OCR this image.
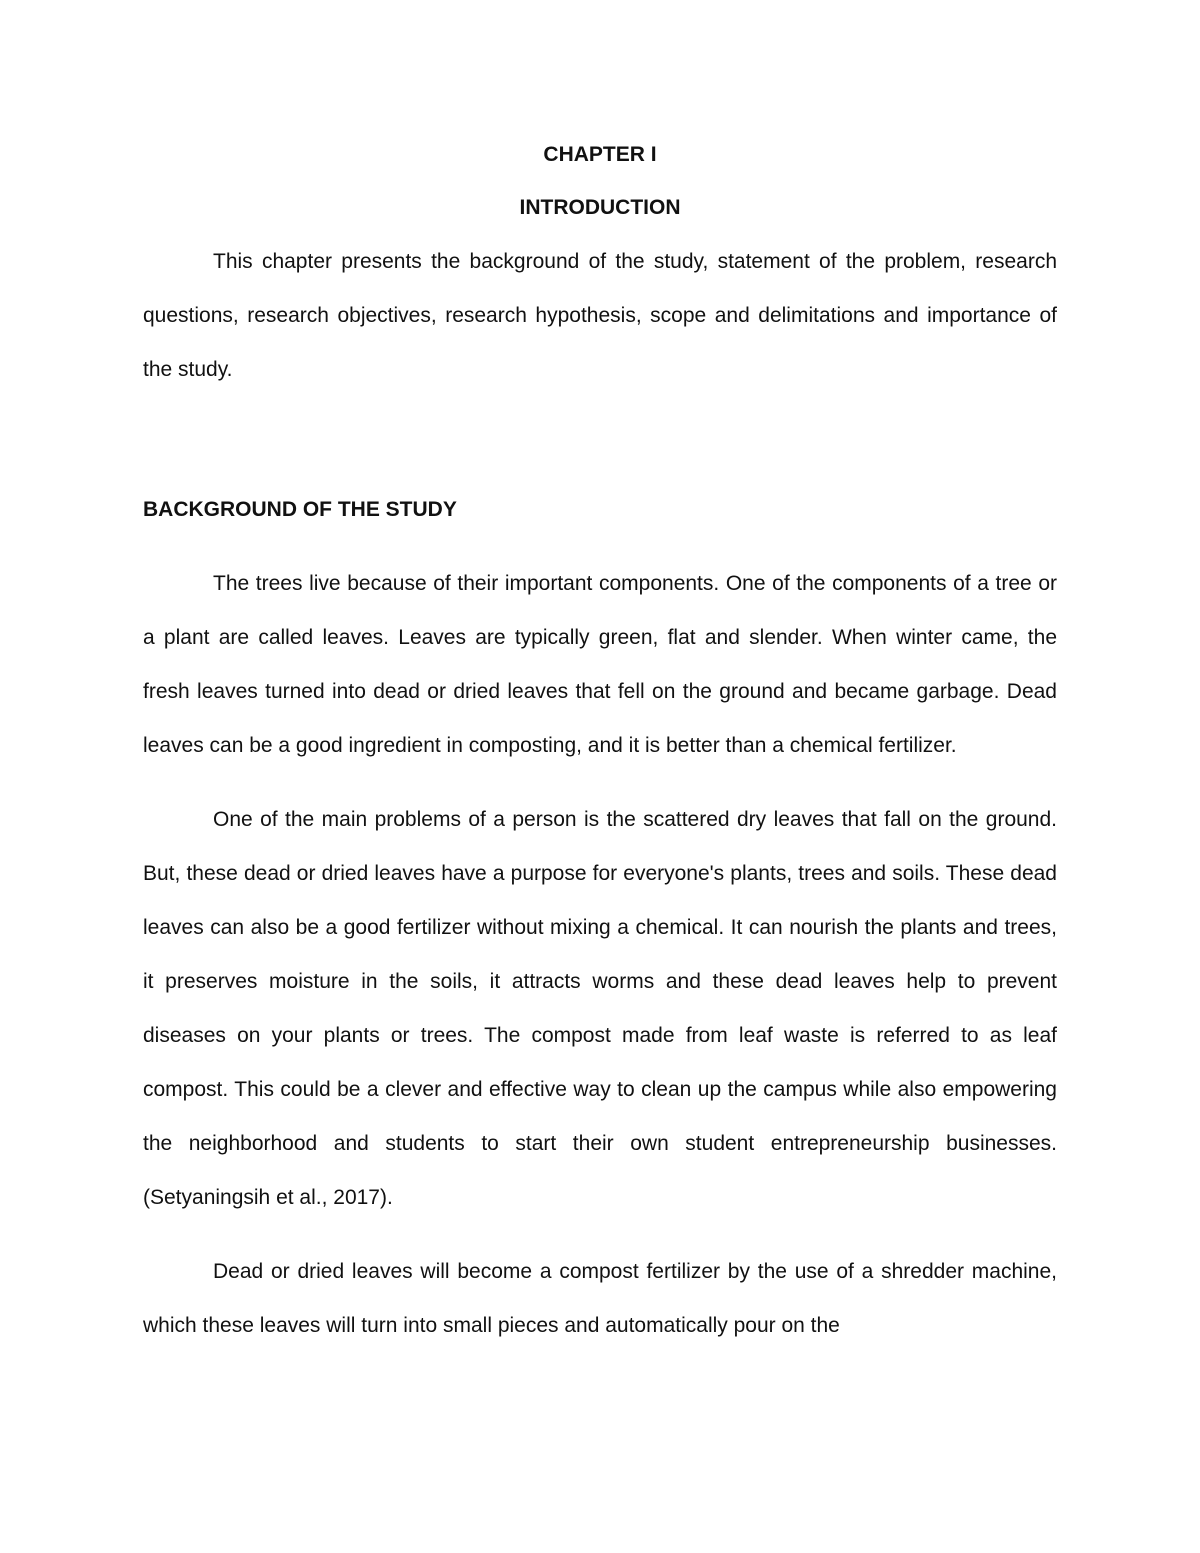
CHAPTER I

INTRODUCTION

This chapter presents the background of the study, statement of the problem, research questions, research objectives, research hypothesis, scope and delimitations and importance of the study.

BACKGROUND OF THE STUDY

The trees live because of their important components. One of the components of a tree or a plant are called leaves. Leaves are typically green, flat and slender. When winter came, the fresh leaves turned into dead or dried leaves that fell on the ground and became garbage. Dead leaves can be a good ingredient in composting, and it is better than a chemical fertilizer.

One of the main problems of a person is the scattered dry leaves that fall on the ground. But, these dead or dried leaves have a purpose for everyone's plants, trees and soils. These dead leaves can also be a good fertilizer without mixing a chemical. It can nourish the plants and trees, it preserves moisture in the soils, it attracts worms and these dead leaves help to prevent diseases on your plants or trees. The compost made from leaf waste is referred to as leaf compost. This could be a clever and effective way to clean up the campus while also empowering the neighborhood and students to start their own student entrepreneurship businesses. (Setyaningsih et al., 2017).

Dead or dried leaves will become a compost fertilizer by the use of a shredder machine, which these leaves will turn into small pieces and automatically pour on the
